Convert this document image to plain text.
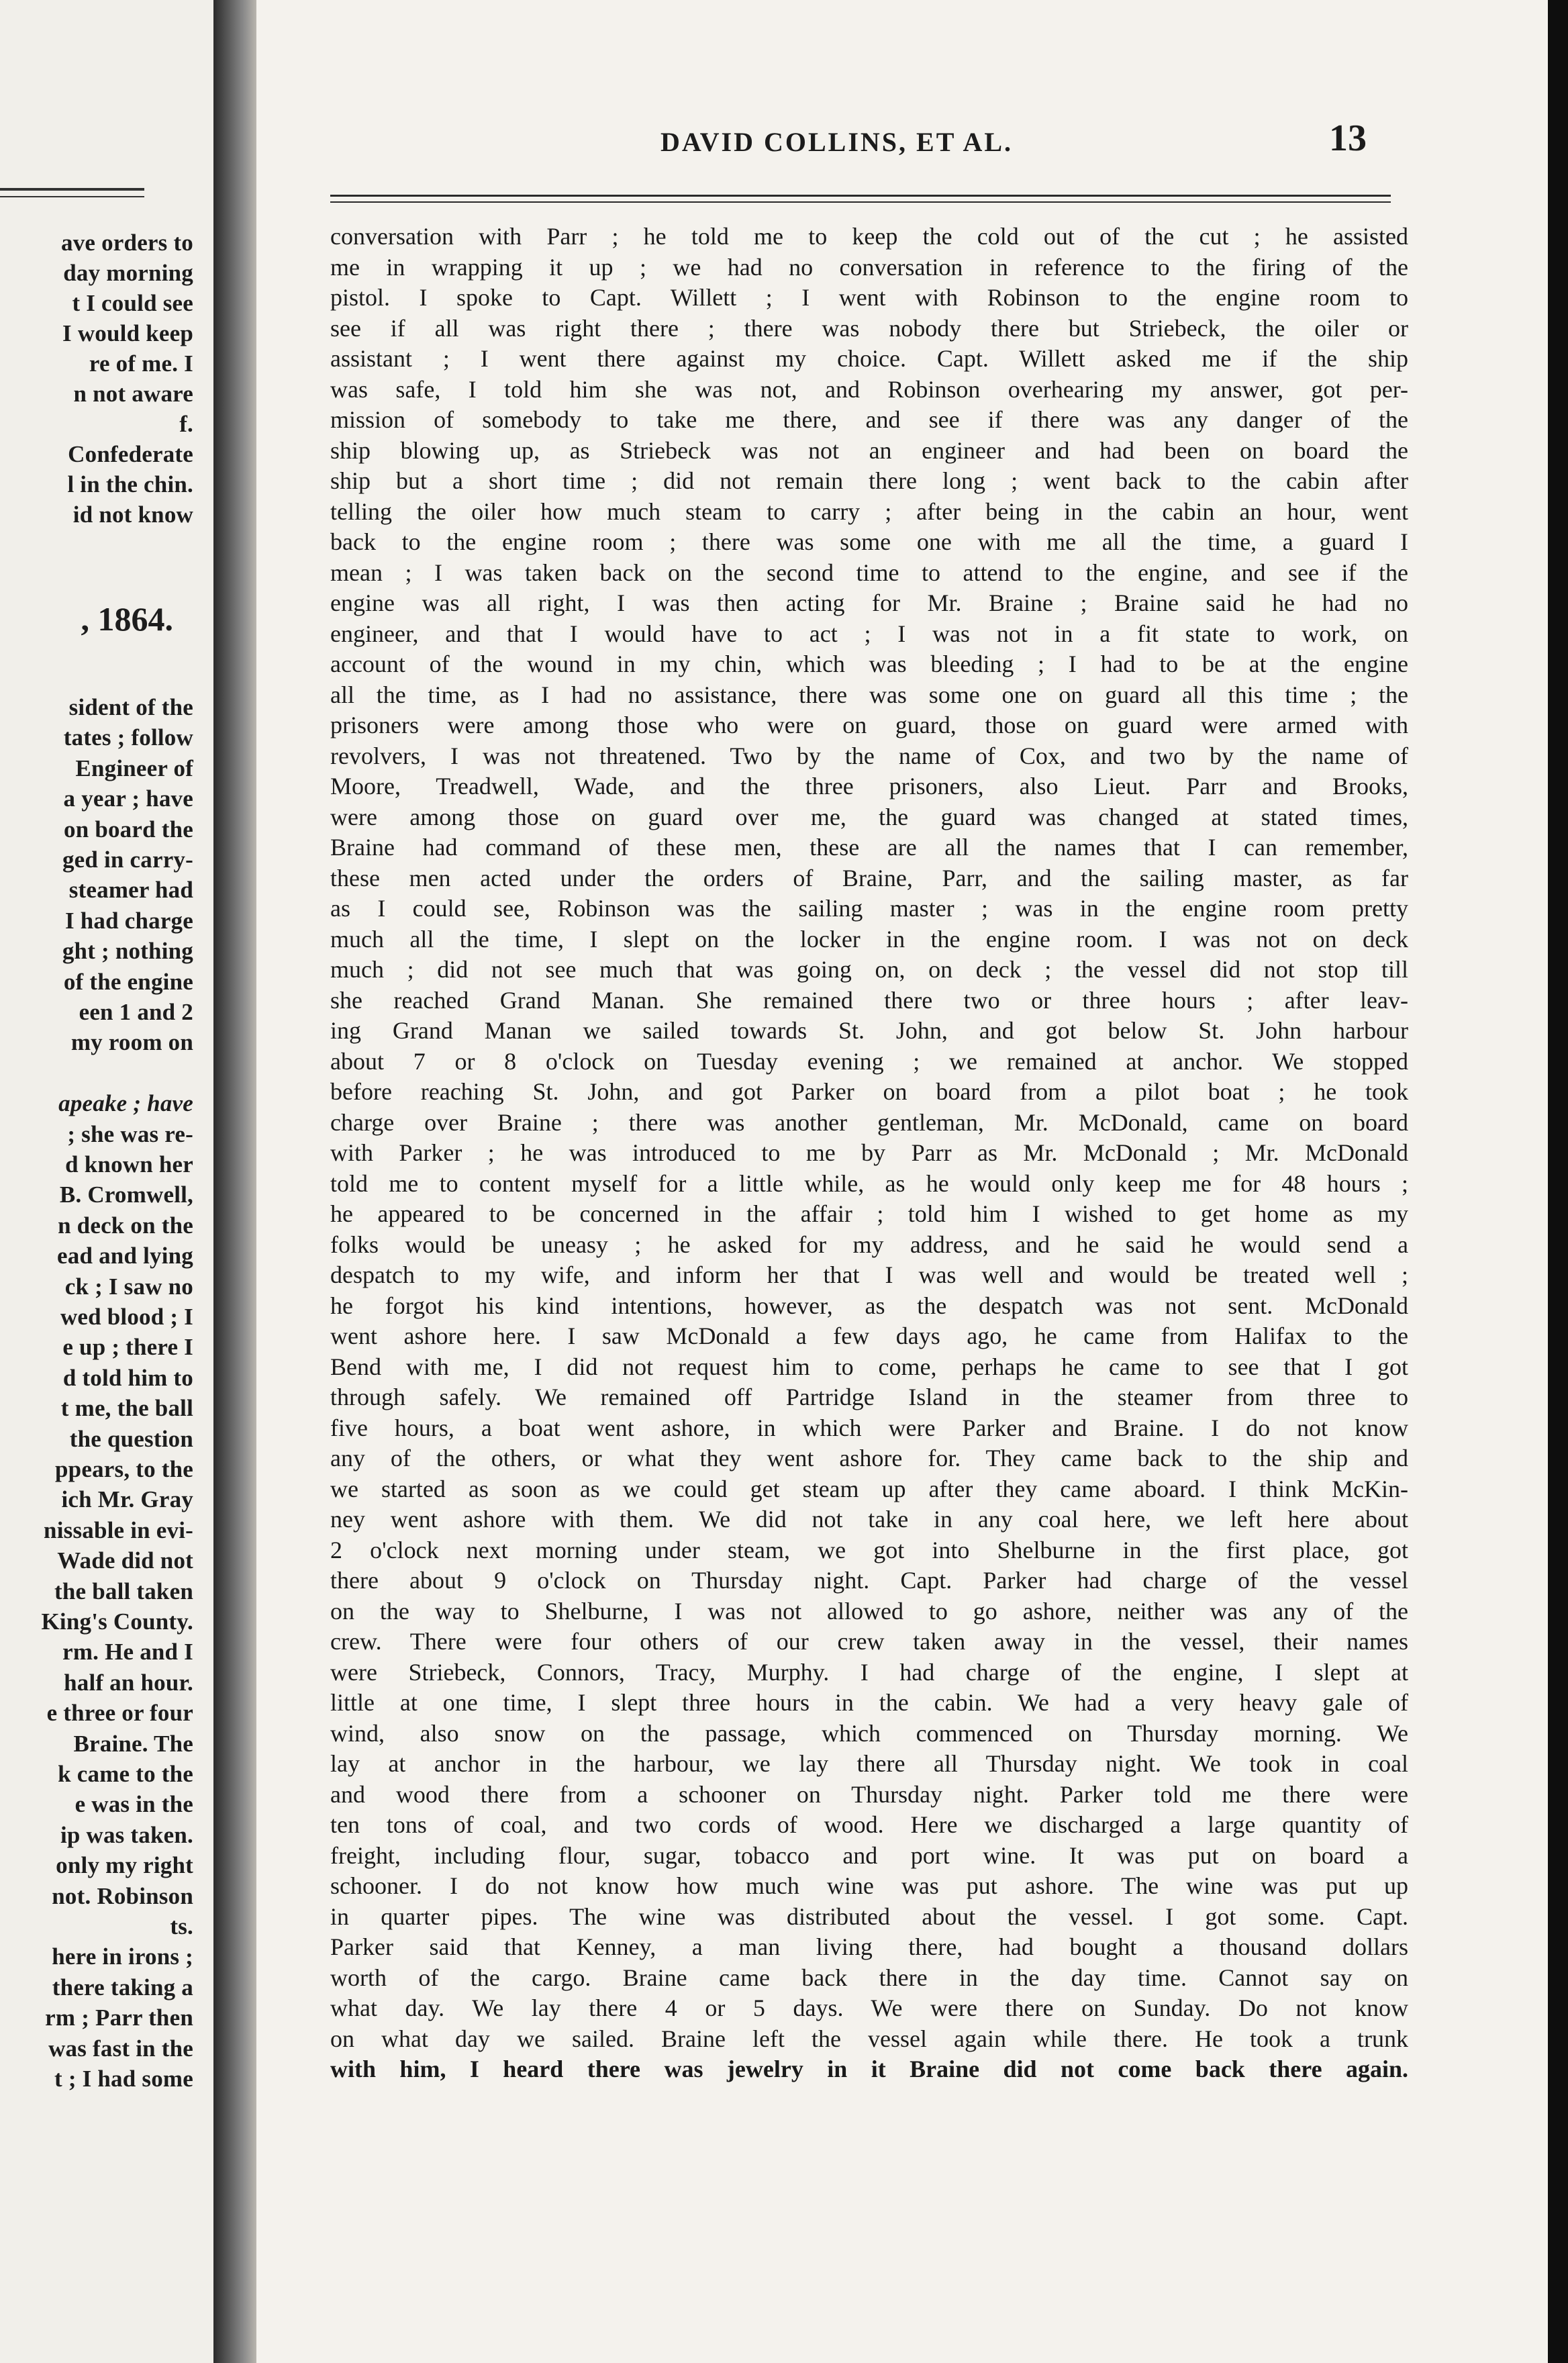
ave orders to
day morning
t I could see
I would keep
re of me. I
n not aware
f.
Confederate
l in the chin.
id not know
, 1864.
sident of the
tates ; follow
Engineer of
a year ; have
on board the
ged in carry-
steamer had
I had charge
ght ; nothing
of the engine
een 1 and 2
my room on
apeake ; have
; she was re-
d known her
B. Cromwell,
n deck on the
ead and lying
ck ; I saw no
wed blood ; I
e up ; there I
d told him to
t me, the ball
the question
ppears, to the
ich Mr. Gray
nissable in evi-
Wade did not
the ball taken
King's County.
rm. He and I
half an hour.
e three or four
Braine. The
k came to the
e was in the
ip was taken.
only my right
not. Robinson
ts.
here in irons ;
there taking a
rm ; Parr then
was fast in the
t ; I had some
DAVID COLLINS, ET AL.	13
conversation with Parr ; he told me to keep the cold out of the cut ; he assisted
me in wrapping it up ; we had no conversation in reference to the firing of the
pistol. I spoke to Capt. Willett ; I went with Robinson to the engine room to
see if all was right there ; there was nobody there but Striebeck, the oiler or
assistant ; I went there against my choice. Capt. Willett asked me if the ship
was safe, I told him she was not, and Robinson overhearing my answer, got per-
mission of somebody to take me there, and see if there was any danger of the
ship blowing up, as Striebeck was not an engineer and had been on board the
ship but a short time ; did not remain there long ; went back to the cabin after
telling the oiler how much steam to carry ; after being in the cabin an hour, went
back to the engine room ; there was some one with me all the time, a guard I
mean ; I was taken back on the second time to attend to the engine, and see if the
engine was all right, I was then acting for Mr. Braine ; Braine said he had no
engineer, and that I would have to act ; I was not in a fit state to work, on
account of the wound in my chin, which was bleeding ; I had to be at the engine
all the time, as I had no assistance, there was some one on guard all this time ; the
prisoners were among those who were on guard, those on guard were armed with
revolvers, I was not threatened. Two by the name of Cox, and two by the name of
Moore, Treadwell, Wade, and the three prisoners, also Lieut. Parr and Brooks,
were among those on guard over me, the guard was changed at stated times,
Braine had command of these men, these are all the names that I can remember,
these men acted under the orders of Braine, Parr, and the sailing master, as far
as I could see, Robinson was the sailing master ; was in the engine room pretty
much all the time, I slept on the locker in the engine room. I was not on deck
much ; did not see much that was going on, on deck ; the vessel did not stop till
she reached Grand Manan. She remained there two or three hours ; after leav-
ing Grand Manan we sailed towards St. John, and got below St. John harbour
about 7 or 8 o'clock on Tuesday evening ; we remained at anchor. We stopped
before reaching St. John, and got Parker on board from a pilot boat ; he took
charge over Braine ; there was another gentleman, Mr. McDonald, came on board
with Parker ; he was introduced to me by Parr as Mr. McDonald ; Mr. McDonald
told me to content myself for a little while, as he would only keep me for 48 hours ;
he appeared to be concerned in the affair ; told him I wished to get home as my
folks would be uneasy ; he asked for my address, and he said he would send a
despatch to my wife, and inform her that I was well and would be treated well ;
he forgot his kind intentions, however, as the despatch was not sent. McDonald
went ashore here. I saw McDonald a few days ago, he came from Halifax to the
Bend with me, I did not request him to come, perhaps he came to see that I got
through safely. We remained off Partridge Island in the steamer from three to
five hours, a boat went ashore, in which were Parker and Braine. I do not know
any of the others, or what they went ashore for. They came back to the ship and
we started as soon as we could get steam up after they came aboard. I think McKin-
ney went ashore with them. We did not take in any coal here, we left here about
2 o'clock next morning under steam, we got into Shelburne in the first place, got
there about 9 o'clock on Thursday night. Capt. Parker had charge of the vessel
on the way to Shelburne, I was not allowed to go ashore, neither was any of the
crew. There were four others of our crew taken away in the vessel, their names
were Striebeck, Connors, Tracy, Murphy. I had charge of the engine, I slept at
little at one time, I slept three hours in the cabin. We had a very heavy gale of
wind, also snow on the passage, which commenced on Thursday morning. We
lay at anchor in the harbour, we lay there all Thursday night. We took in coal
and wood there from a schooner on Thursday night. Parker told me there were
ten tons of coal, and two cords of wood. Here we discharged a large quantity of
freight, including flour, sugar, tobacco and port wine. It was put on board a
schooner. I do not know how much wine was put ashore. The wine was put up
in quarter pipes. The wine was distributed about the vessel. I got some. Capt.
Parker said that Kenney, a man living there, had bought a thousand dollars
worth of the cargo. Braine came back there in the day time. Cannot say on
what day. We lay there 4 or 5 days. We were there on Sunday. Do not know
on what day we sailed. Braine left the vessel again while there. He took a trunk
with him, I heard there was jewelry in it Braine did not come back there again.
